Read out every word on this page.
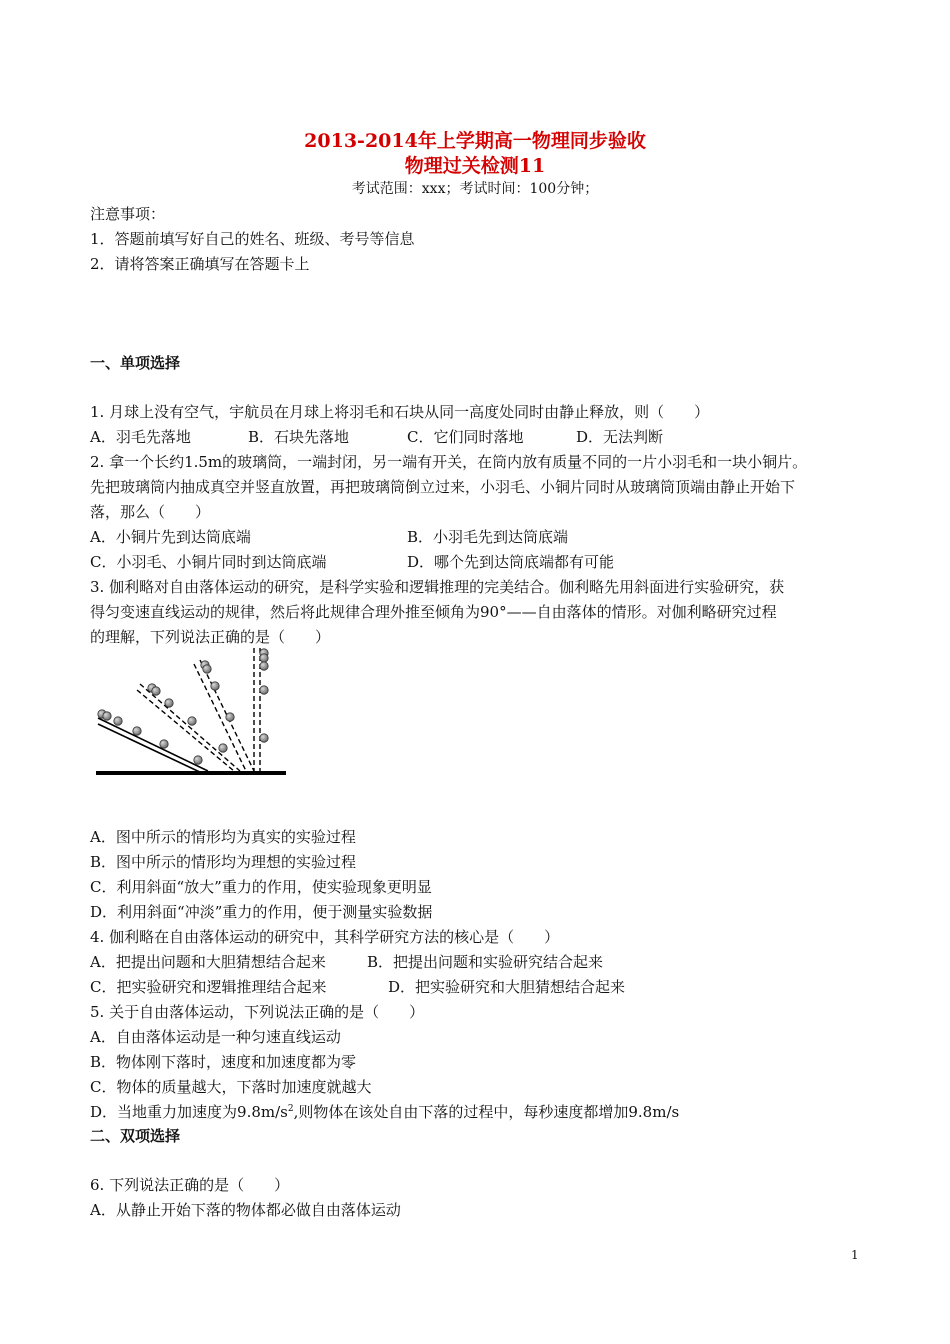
2013-2014年上学期高一物理同步验收
物理过关检测11
考试范围：xxx；考试时间：100分钟；
注意事项：
1．答题前填写好自己的姓名、班级、考号等信息
2．请将答案正确填写在答题卡上
一、单项选择
1. 月球上没有空气，宇航员在月球上将羽毛和石块从同一高度处同时由静止释放，则（　　）
A．羽毛先落地	B．石块先落地	C．它们同时落地	D．无法判断
2. 拿一个长约1.5m的玻璃筒，一端封闭，另一端有开关，在筒内放有质量不同的一片小羽毛和一块小铜片。
先把玻璃筒内抽成真空并竖直放置，再把玻璃筒倒立过来，小羽毛、小铜片同时从玻璃筒顶端由静止开始下
落，那么（　　）
A．小铜片先到达筒底端	B．小羽毛先到达筒底端
C．小羽毛、小铜片同时到达筒底端	D．哪个先到达筒底端都有可能
3. 伽利略对自由落体运动的研究，是科学实验和逻辑推理的完美结合。伽利略先用斜面进行实验研究，获
得匀变速直线运动的规律，然后将此规律合理外推至倾角为90°——自由落体的情形。对伽利略研究过程
的理解，下列说法正确的是（　　）
A．图中所示的情形均为真实的实验过程
B．图中所示的情形均为理想的实验过程
C．利用斜面“放大”重力的作用，使实验现象更明显
D．利用斜面“冲淡”重力的作用，便于测量实验数据
4. 伽利略在自由落体运动的研究中，其科学研究方法的核心是（　　）
A．把提出问题和大胆猜想结合起来	B．把提出问题和实验研究结合起来
C．把实验研究和逻辑推理结合起来	D．把实验研究和大胆猜想结合起来
5. 关于自由落体运动，下列说法正确的是（　　）
A．自由落体运动是一种匀速直线运动
B．物体刚下落时，速度和加速度都为零
C．物体的质量越大，下落时加速度就越大
D．当地重力加速度为$9.8m/s^2$,则物体在该处自由下落的过程中，每秒速度都增加9.8m/s
二、双项选择
6. 下列说法正确的是（　　）
A．从静止开始下落的物体都必做自由落体运动
1
